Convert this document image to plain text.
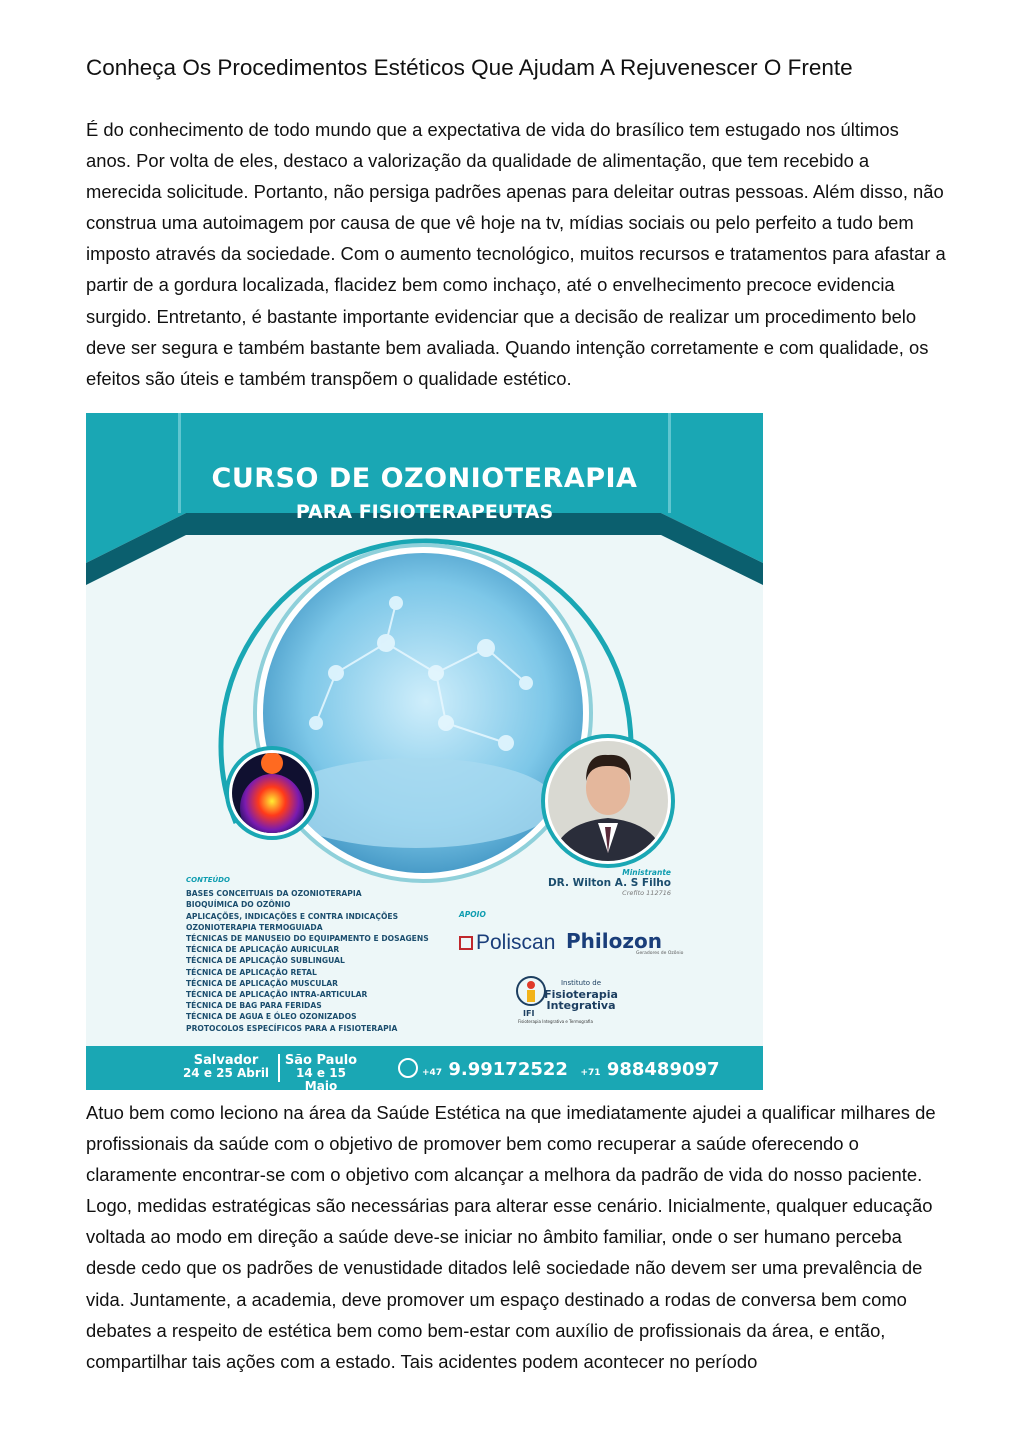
Conheça Os Procedimentos Estéticos Que Ajudam A Rejuvenescer O Frente

É do conhecimento de todo mundo que a expectativa de vida do brasílico tem estugado nos últimos anos. Por volta de eles, destaco a valorização da qualidade de alimentação, que tem recebido a merecida solicitude. Portanto, não persiga padrões apenas para deleitar outras pessoas. Além disso, não construa uma autoimagem por causa de que vê hoje na tv, mídias sociais ou pelo perfeito a tudo bem imposto através da sociedade. Com o aumento tecnológico, muitos recursos e tratamentos para afastar a partir de a gordura localizada, flacidez bem como inchaço, até o envelhecimento precoce evidencia surgido. Entretanto, é bastante importante evidenciar que a decisão de realizar um procedimento belo deve ser segura e também bastante bem avaliada. Quando intenção corretamente e com qualidade, os efeitos são úteis e também transpõem o qualidade estético.

CURSO DE OZONIOTERAPIA
PARA FISIOTERAPEUTAS
CONTEÚDO
BASES CONCEITUAIS DA OZONIOTERAPIA
BIOQUÍMICA DO OZÔNIO
APLICAÇÕES, INDICAÇÕES E CONTRA INDICAÇÕES
OZONIOTERAPIA TERMOGUIADA
TÉCNICAS DE MANUSEIO DO EQUIPAMENTO E DOSAGENS
TÉCNICA DE APLICAÇÃO AURICULAR
TÉCNICA DE APLICAÇÃO SUBLINGUAL
TÉCNICA DE APLICAÇÃO RETAL
TÉCNICA DE APLICAÇÃO MUSCULAR
TÉCNICA DE APLICAÇÃO INTRA-ARTICULAR
TÉCNICA DE BAG PARA FERIDAS
TÉCNICA DE AGUA E ÓLEO OZONIZADOS
PROTOCOLOS ESPECÍFICOS PARA A FISIOTERAPIA
Ministrante
DR. Wilton A. S Filho
Crefito 112716
APOIO
Poliscan Philozon
Geradores de Ozônio
Instituto de
Fisioterapia Integrativa
IFI
Fisioterapia Integrativa e Termografia
Salvador
24 e 25 Abril
São Paulo
14 e 15 Maio
+47 9.99172522 +71 988489097

Atuo bem como leciono na área da Saúde Estética na que imediatamente ajudei a qualificar milhares de profissionais da saúde com o objetivo de promover bem como recuperar a saúde oferecendo o claramente encontrar-se com o objetivo com alcançar a melhora da padrão de vida do nosso paciente. Logo, medidas estratégicas são necessárias para alterar esse cenário. Inicialmente, qualquer educação voltada ao modo em direção a saúde deve-se iniciar no âmbito familiar, onde o ser humano perceba desde cedo que os padrões de venustidade ditados lelê sociedade não devem ser uma prevalência de vida. Juntamente, a academia, deve promover um espaço destinado a rodas de conversa bem como debates a respeito de estética bem como bem-estar com auxílio de profissionais da área, e então, compartilhar tais ações com a estado. Tais acidentes podem acontecer no período
